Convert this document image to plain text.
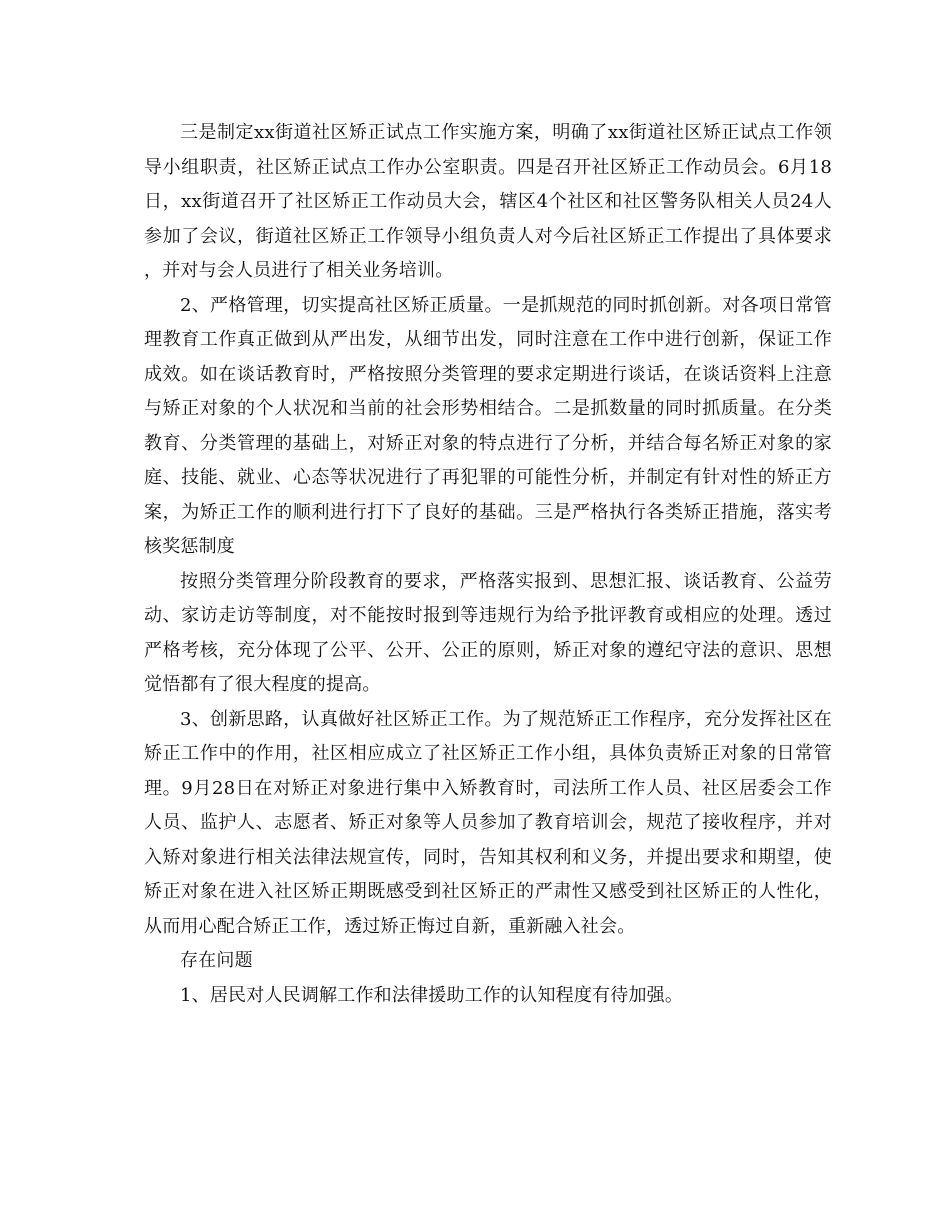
三是制定xx街道社区矫正试点工作实施方案，明确了xx街道社区矫正试点工作领导小组职责，社区矫正试点工作办公室职责。四是召开社区矫正工作动员会。6月18日，xx街道召开了社区矫正工作动员大会，辖区4个社区和社区警务队相关人员24人参加了会议，街道社区矫正工作领导小组负责人对今后社区矫正工作提出了具体要求，并对与会人员进行了相关业务培训。

2、严格管理，切实提高社区矫正质量。一是抓规范的同时抓创新。对各项日常管理教育工作真正做到从严出发，从细节出发，同时注意在工作中进行创新，保证工作成效。如在谈话教育时，严格按照分类管理的要求定期进行谈话，在谈话资料上注意与矫正对象的个人状况和当前的社会形势相结合。二是抓数量的同时抓质量。在分类教育、分类管理的基础上，对矫正对象的特点进行了分析，并结合每名矫正对象的家庭、技能、就业、心态等状况进行了再犯罪的可能性分析，并制定有针对性的矫正方案，为矫正工作的顺利进行打下了良好的基础。三是严格执行各类矫正措施，落实考核奖惩制度

按照分类管理分阶段教育的要求，严格落实报到、思想汇报、谈话教育、公益劳动、家访走访等制度，对不能按时报到等违规行为给予批评教育或相应的处理。透过严格考核，充分体现了公平、公开、公正的原则，矫正对象的遵纪守法的意识、思想觉悟都有了很大程度的提高。

3、创新思路，认真做好社区矫正工作。为了规范矫正工作程序，充分发挥社区在矫正工作中的作用，社区相应成立了社区矫正工作小组，具体负责矫正对象的日常管理。9月28日在对矫正对象进行集中入矫教育时，司法所工作人员、社区居委会工作人员、监护人、志愿者、矫正对象等人员参加了教育培训会，规范了接收程序，并对入矫对象进行相关法律法规宣传，同时，告知其权利和义务，并提出要求和期望，使矫正对象在进入社区矫正期既感受到社区矫正的严肃性又感受到社区矫正的人性化，从而用心配合矫正工作，透过矫正悔过自新，重新融入社会。

存在问题

1、居民对人民调解工作和法律援助工作的认知程度有待加强。
